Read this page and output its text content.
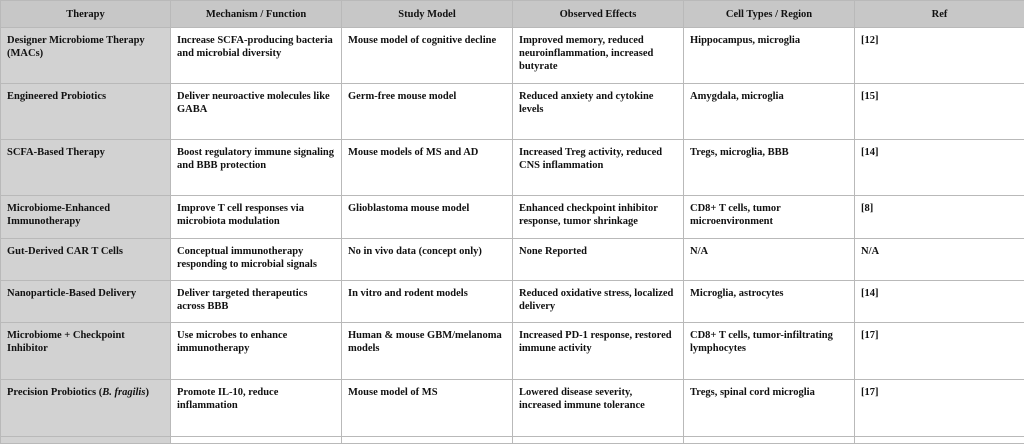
Therapy	Mechanism / Function	Study Model	Observed Effects	Cell Types / Region	Ref
Designer Microbiome Therapy (MACs)	Increase SCFA-producing bacteria and microbial diversity	Mouse model of cognitive decline	Improved memory, reduced neuroinflammation, increased butyrate	Hippocampus, microglia	[12]
Engineered Probiotics	Deliver neuroactive molecules like GABA	Germ-free mouse model	Reduced anxiety and cytokine levels	Amygdala, microglia	[15]
SCFA-Based Therapy	Boost regulatory immune signaling and BBB protection	Mouse models of MS and AD	Increased Treg activity, reduced CNS inflammation	Tregs, microglia, BBB	[14]
Microbiome-Enhanced Immunotherapy	Improve T cell responses via microbiota modulation	Glioblastoma mouse model	Enhanced checkpoint inhibitor response, tumor shrinkage	CD8+ T cells, tumor microenvironment	[8]
Gut-Derived CAR T Cells	Conceptual immunotherapy responding to microbial signals	No in vivo data (concept only)	None Reported	N/A	N/A
Nanoparticle-Based Delivery	Deliver targeted therapeutics across BBB	In vitro and rodent models	Reduced oxidative stress, localized delivery	Microglia, astrocytes	[14]
Microbiome + Checkpoint Inhibitor	Use microbes to enhance immunotherapy	Human & mouse GBM/melanoma models	Increased PD-1 response, restored immune activity	CD8+ T cells, tumor-infiltrating lymphocytes	[17]
Precision Probiotics (B. fragilis)	Promote IL-10, reduce inflammation	Mouse model of MS	Lowered disease severity, increased immune tolerance	Tregs, spinal cord microglia	[17]
